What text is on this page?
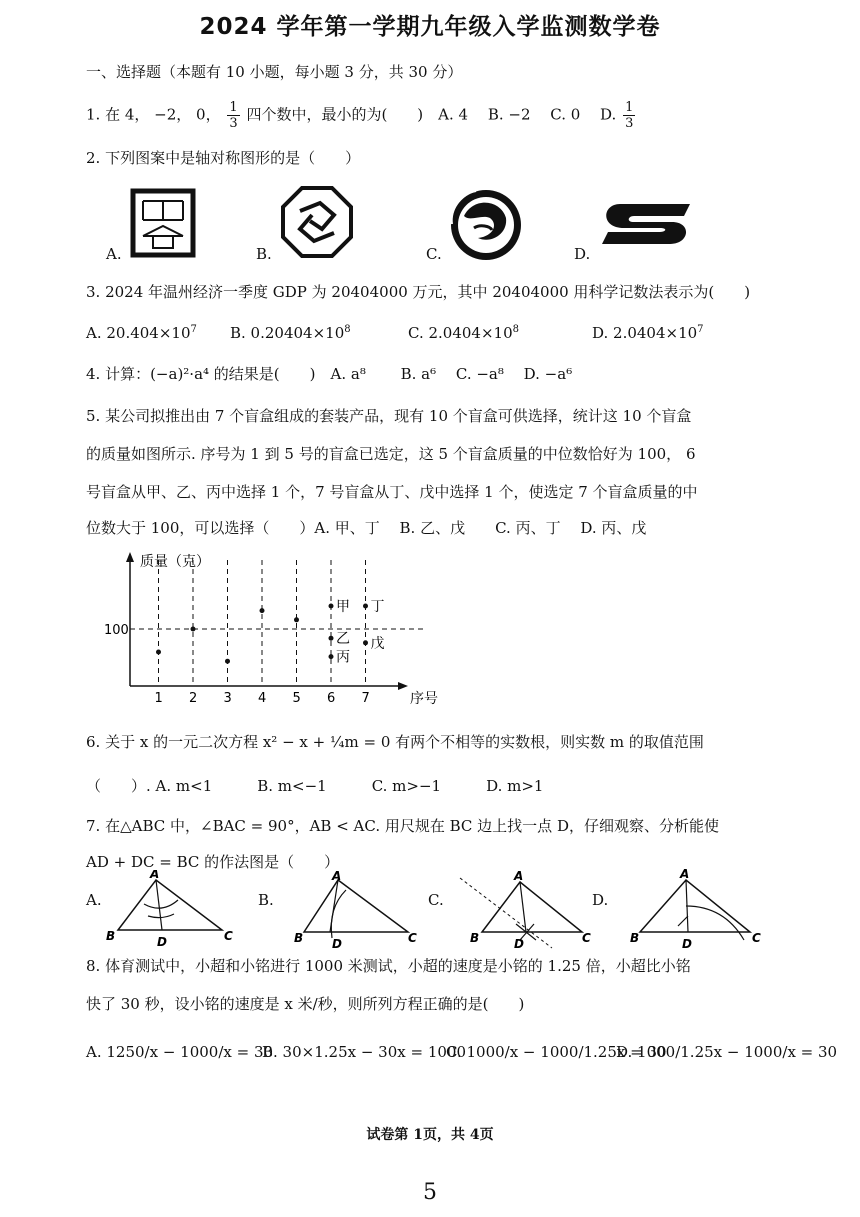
2024 学年第一学期九年级入学监测数学卷
一、选择题（本题有 10 小题，每小题 3 分，共 30 分）
1. 在 4， −2， 0， $\frac{1}{3}$ 四个数中，最小的为(　　)　A. 4　 B. −2　 C. 0　 D. $\frac{1}{3}$
2. 下列图案中是轴对称图形的是（　　）
A.	B.	C.	D.
3. 2024 年温州经济一季度 GDP 为 20404000 万元，其中 20404000 用科学记数法表示为(　　)
A. $20.404\times 10^7$ B. $0.20404\times 10^8$	C. $2.0404\times 10^8$	D. $2.0404\times 10^7$
4. 计算：(−a)²·a⁴ 的结果是(　　)　A. a⁸　　 B. a⁶　 C. −a⁸　 D. −a⁶
5. 某公司拟推出由 7 个盲盒组成的套装产品，现有 10 个盲盒可供选择，统计这 10 个盲盒
的质量如图所示. 序号为 1 到 5 号的盲盒已选定，这 5 个盲盒质量的中位数恰好为 100， 6
号盲盒从甲、乙、丙中选择 1 个，7 号盲盒从丁、戊中选择 1 个，使选定 7 个盲盒质量的中
位数大于 100，可以选择（　　）A. 甲、丁　 B. 乙、戊　　C. 丙、丁　 D. 丙、戊
质量（克）
序号
100
1 2 3 4 5 6 7
甲
乙
丙
丁
戊
6. 关于 x 的一元二次方程 x² − x + ¼m = 0 有两个不相等的实数根，则实数 m 的取值范围
（　　）. A. m<1　　　B. m<−1　　　C. m>−1　　　D. m>1
7. 在△ABC 中，∠BAC = 90°，AB < AC. 用尺规在 BC 边上找一点 D，仔细观察、分析能使
AD + DC = BC 的作法图是（　　）
A.
B
A
C
D
B.
B
A
C
D
C.
B
A
C
D
D.
B
A
C
D
8. 体育测试中，小超和小铭进行 1000 米测试，小超的速度是小铭的 1.25 倍，小超比小铭
快了 30 秒，设小铭的速度是 x 米/秒，则所列方程正确的是(　　)
A. 1250/x − 1000/x = 30
B. 30×1.25x − 30x = 1000
C. 1000/x − 1000/1.25x = 30
D. 1000/1.25x − 1000/x = 30
试卷第 1页，共 4页
5
